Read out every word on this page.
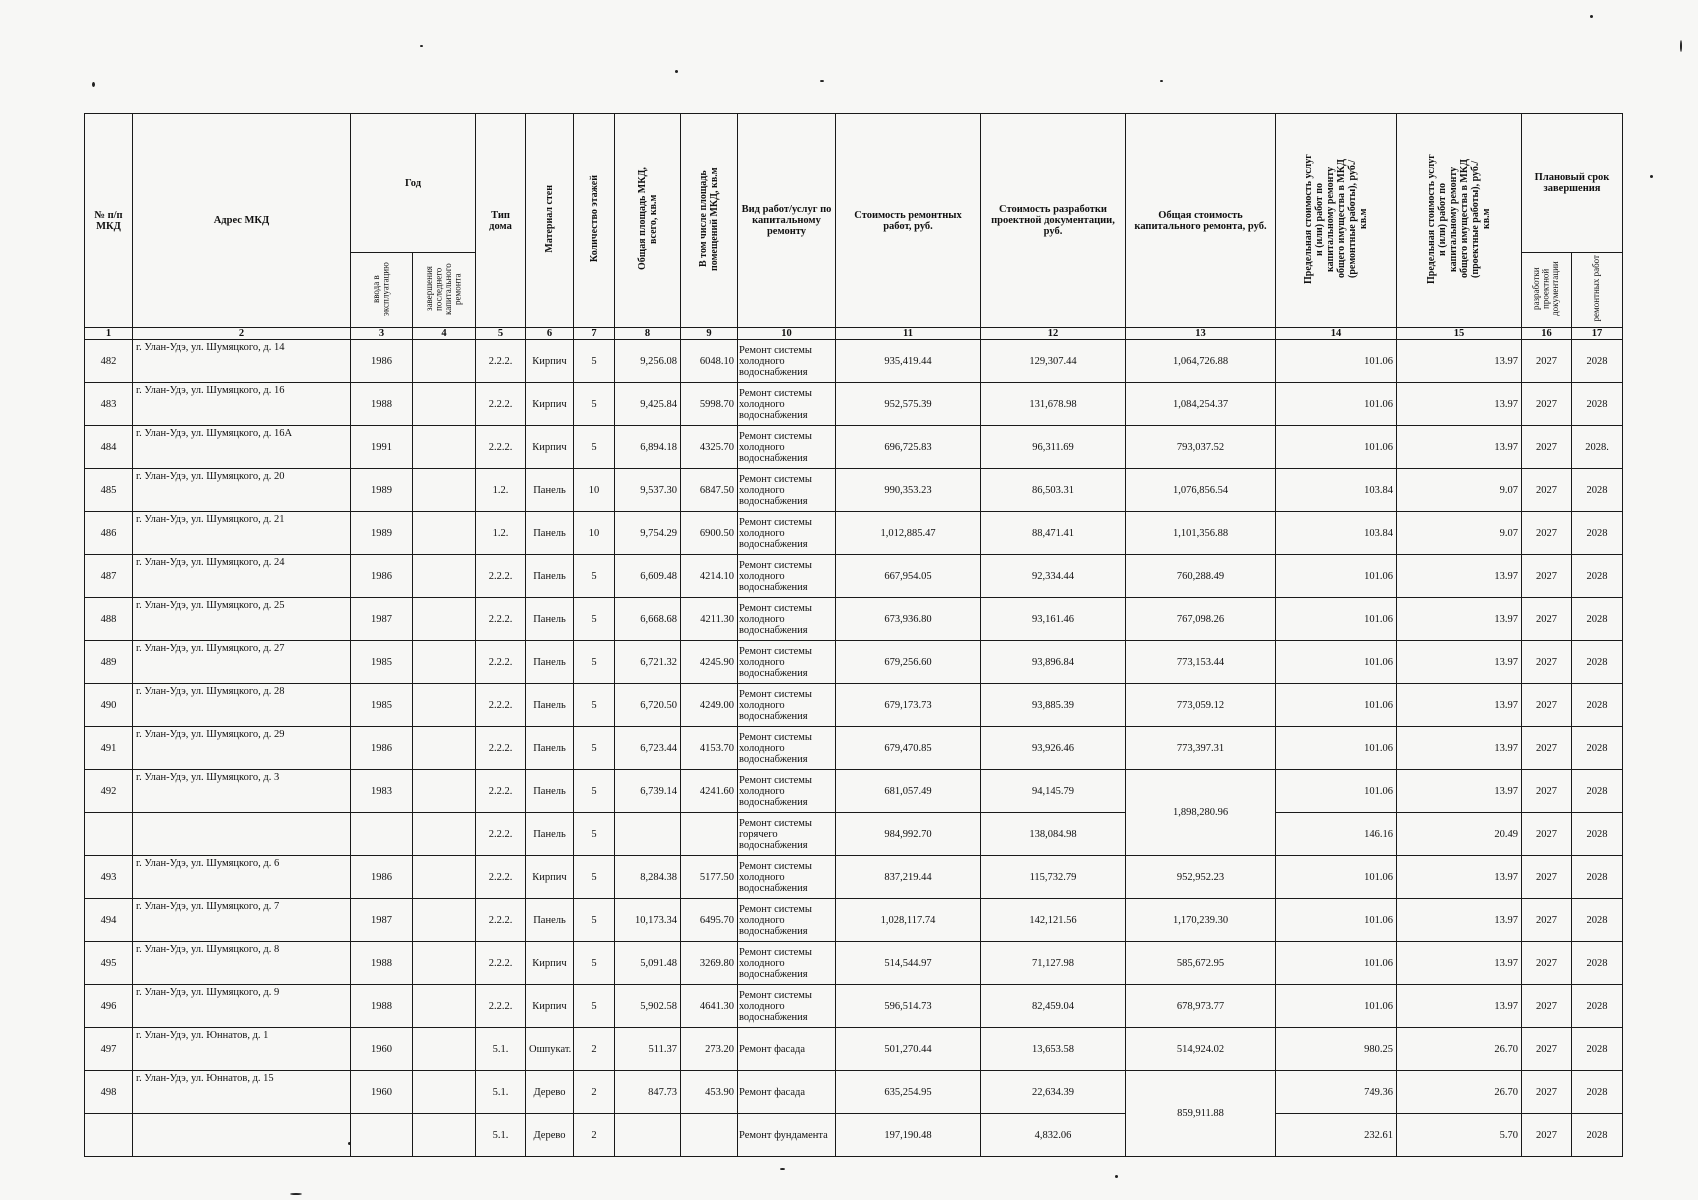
№ п/п МКД	Адрес МКД	Год		Тип дома	Материал стен	Количество этажей	Общая площадь МКД, всего, кв.м	В том числе площадь помещений МКД, кв.м	Вид работ/услуг по капитальному ремонту	Стоимость ремонтных работ, руб.	Стоимость разработки проектной документации, руб.	Общая стоимость капитального ремонта, руб.	Предельная стоимость услуг и (или) работ по капитальному ремонту общего имущества в МКД (ремонтные работы), руб./кв.м	Предельная стоимость услуг и (или) работ по капитальному ремонту общего имущества в МКД (проектные работы), руб./кв.м	Плановый срок завершения	
		ввода в эксплуатацию	завершения последнего капитального ремонта												разработки проектной документации	ремонтных работ
1	2	3	4	5	6	7	8	9	10	11	12	13	14	15	16	17
482	г. Улан-Удэ, ул. Шумяцкого, д. 14	1986		2.2.2.	Кирпич	5	9,256.08	6048.10	Ремонт системы холодного водоснабжения	935,419.44	129,307.44	1,064,726.88	101.06	13.97	2027	2028
483	г. Улан-Удэ, ул. Шумяцкого, д. 16	1988		2.2.2.	Кирпич	5	9,425.84	5998.70	Ремонт системы холодного водоснабжения	952,575.39	131,678.98	1,084,254.37	101.06	13.97	2027	2028
484	г. Улан-Удэ, ул. Шумяцкого, д. 16А	1991		2.2.2.	Кирпич	5	6,894.18	4325.70	Ремонт системы холодного водоснабжения	696,725.83	96,311.69	793,037.52	101.06	13.97	2027	2028.
485	г. Улан-Удэ, ул. Шумяцкого, д. 20	1989		1.2.	Панель	10	9,537.30	6847.50	Ремонт системы холодного водоснабжения	990,353.23	86,503.31	1,076,856.54	103.84	9.07	2027	2028
486	г. Улан-Удэ, ул. Шумяцкого, д. 21	1989		1.2.	Панель	10	9,754.29	6900.50	Ремонт системы холодного водоснабжения	1,012,885.47	88,471.41	1,101,356.88	103.84	9.07	2027	2028
487	г. Улан-Удэ, ул. Шумяцкого, д. 24	1986		2.2.2.	Панель	5	6,609.48	4214.10	Ремонт системы холодного водоснабжения	667,954.05	92,334.44	760,288.49	101.06	13.97	2027	2028
488	г. Улан-Удэ, ул. Шумяцкого, д. 25	1987		2.2.2.	Панель	5	6,668.68	4211.30	Ремонт системы холодного водоснабжения	673,936.80	93,161.46	767,098.26	101.06	13.97	2027	2028
489	г. Улан-Удэ, ул. Шумяцкого, д. 27	1985		2.2.2.	Панель	5	6,721.32	4245.90	Ремонт системы холодного водоснабжения	679,256.60	93,896.84	773,153.44	101.06	13.97	2027	2028
490	г. Улан-Удэ, ул. Шумяцкого, д. 28	1985		2.2.2.	Панель	5	6,720.50	4249.00	Ремонт системы холодного водоснабжения	679,173.73	93,885.39	773,059.12	101.06	13.97	2027	2028
491	г. Улан-Удэ, ул. Шумяцкого, д. 29	1986		2.2.2.	Панель	5	6,723.44	4153.70	Ремонт системы холодного водоснабжения	679,470.85	93,926.46	773,397.31	101.06	13.97	2027	2028
492	г. Улан-Удэ, ул. Шумяцкого, д. 3	1983		2.2.2.	Панель	5	6,739.14	4241.60	Ремонт системы холодного водоснабжения	681,057.49	94,145.79	1,898,280.96	101.06	13.97	2027	2028
				2.2.2.	Панель	5			Ремонт системы горячего водоснабжения	984,992.70	138,084.98		146.16	20.49	2027	2028
493	г. Улан-Удэ, ул. Шумяцкого, д. 6	1986		2.2.2.	Кирпич	5	8,284.38	5177.50	Ремонт системы холодного водоснабжения	837,219.44	115,732.79	952,952.23	101.06	13.97	2027	2028
494	г. Улан-Удэ, ул. Шумяцкого, д. 7	1987		2.2.2.	Панель	5	10,173.34	6495.70	Ремонт системы холодного водоснабжения	1,028,117.74	142,121.56	1,170,239.30	101.06	13.97	2027	2028
495	г. Улан-Удэ, ул. Шумяцкого, д. 8	1988		2.2.2.	Кирпич	5	5,091.48	3269.80	Ремонт системы холодного водоснабжения	514,544.97	71,127.98	585,672.95	101.06	13.97	2027	2028
496	г. Улан-Удэ, ул. Шумяцкого, д. 9	1988		2.2.2.	Кирпич	5	5,902.58	4641.30	Ремонт системы холодного водоснабжения	596,514.73	82,459.04	678,973.77	101.06	13.97	2027	2028
497	г. Улан-Удэ, ул. Юннатов, д. 1	1960		5.1.	Ошпукат.	2	511.37	273.20	Ремонт фасада	501,270.44	13,653.58	514,924.02	980.25	26.70	2027	2028
498	г. Улан-Удэ, ул. Юннатов, д. 15	1960		5.1.	Дерево	2	847.73	453.90	Ремонт фасада	635,254.95	22,634.39	859,911.88	749.36	26.70	2027	2028
				5.1.	Дерево	2			Ремонт фундамента	197,190.48	4,832.06		232.61	5.70	2027	2028
